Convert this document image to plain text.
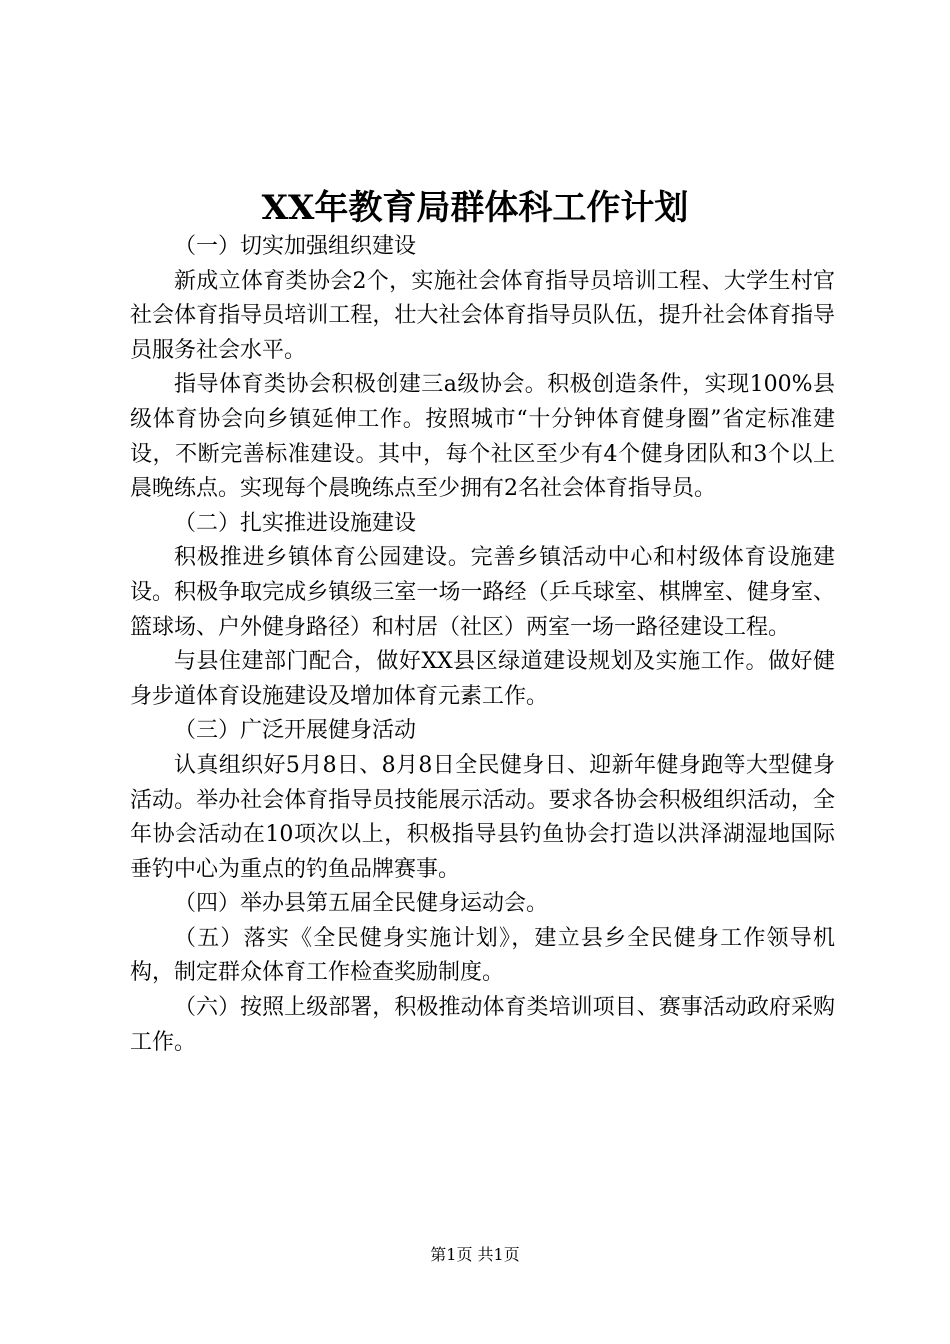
XX年教育局群体科工作计划

（一）切实加强组织建设

新成立体育类协会2个，实施社会体育指导员培训工程、大学生村官社会体育指导员培训工程，壮大社会体育指导员队伍，提升社会体育指导员服务社会水平。

指导体育类协会积极创建三a级协会。积极创造条件，实现100%县级体育协会向乡镇延伸工作。按照城市“十分钟体育健身圈”省定标准建设，不断完善标准建设。其中，每个社区至少有4个健身团队和3个以上晨晚练点。实现每个晨晚练点至少拥有2名社会体育指导员。

（二）扎实推进设施建设

积极推进乡镇体育公园建设。完善乡镇活动中心和村级体育设施建设。积极争取完成乡镇级三室一场一路经（乒乓球室、棋牌室、健身室、篮球场、户外健身路径）和村居（社区）两室一场一路径建设工程。

与县住建部门配合，做好XX县区绿道建设规划及实施工作。做好健身步道体育设施建设及增加体育元素工作。

（三）广泛开展健身活动

认真组织好5月8日、8月8日全民健身日、迎新年健身跑等大型健身活动。举办社会体育指导员技能展示活动。要求各协会积极组织活动，全年协会活动在10项次以上，积极指导县钓鱼协会打造以洪泽湖湿地国际垂钓中心为重点的钓鱼品牌赛事。

（四）举办县第五届全民健身运动会。

（五）落实《全民健身实施计划》，建立县乡全民健身工作领导机构，制定群众体育工作检查奖励制度。

（六）按照上级部署，积极推动体育类培训项目、赛事活动政府采购工作。

第1页 共1页
